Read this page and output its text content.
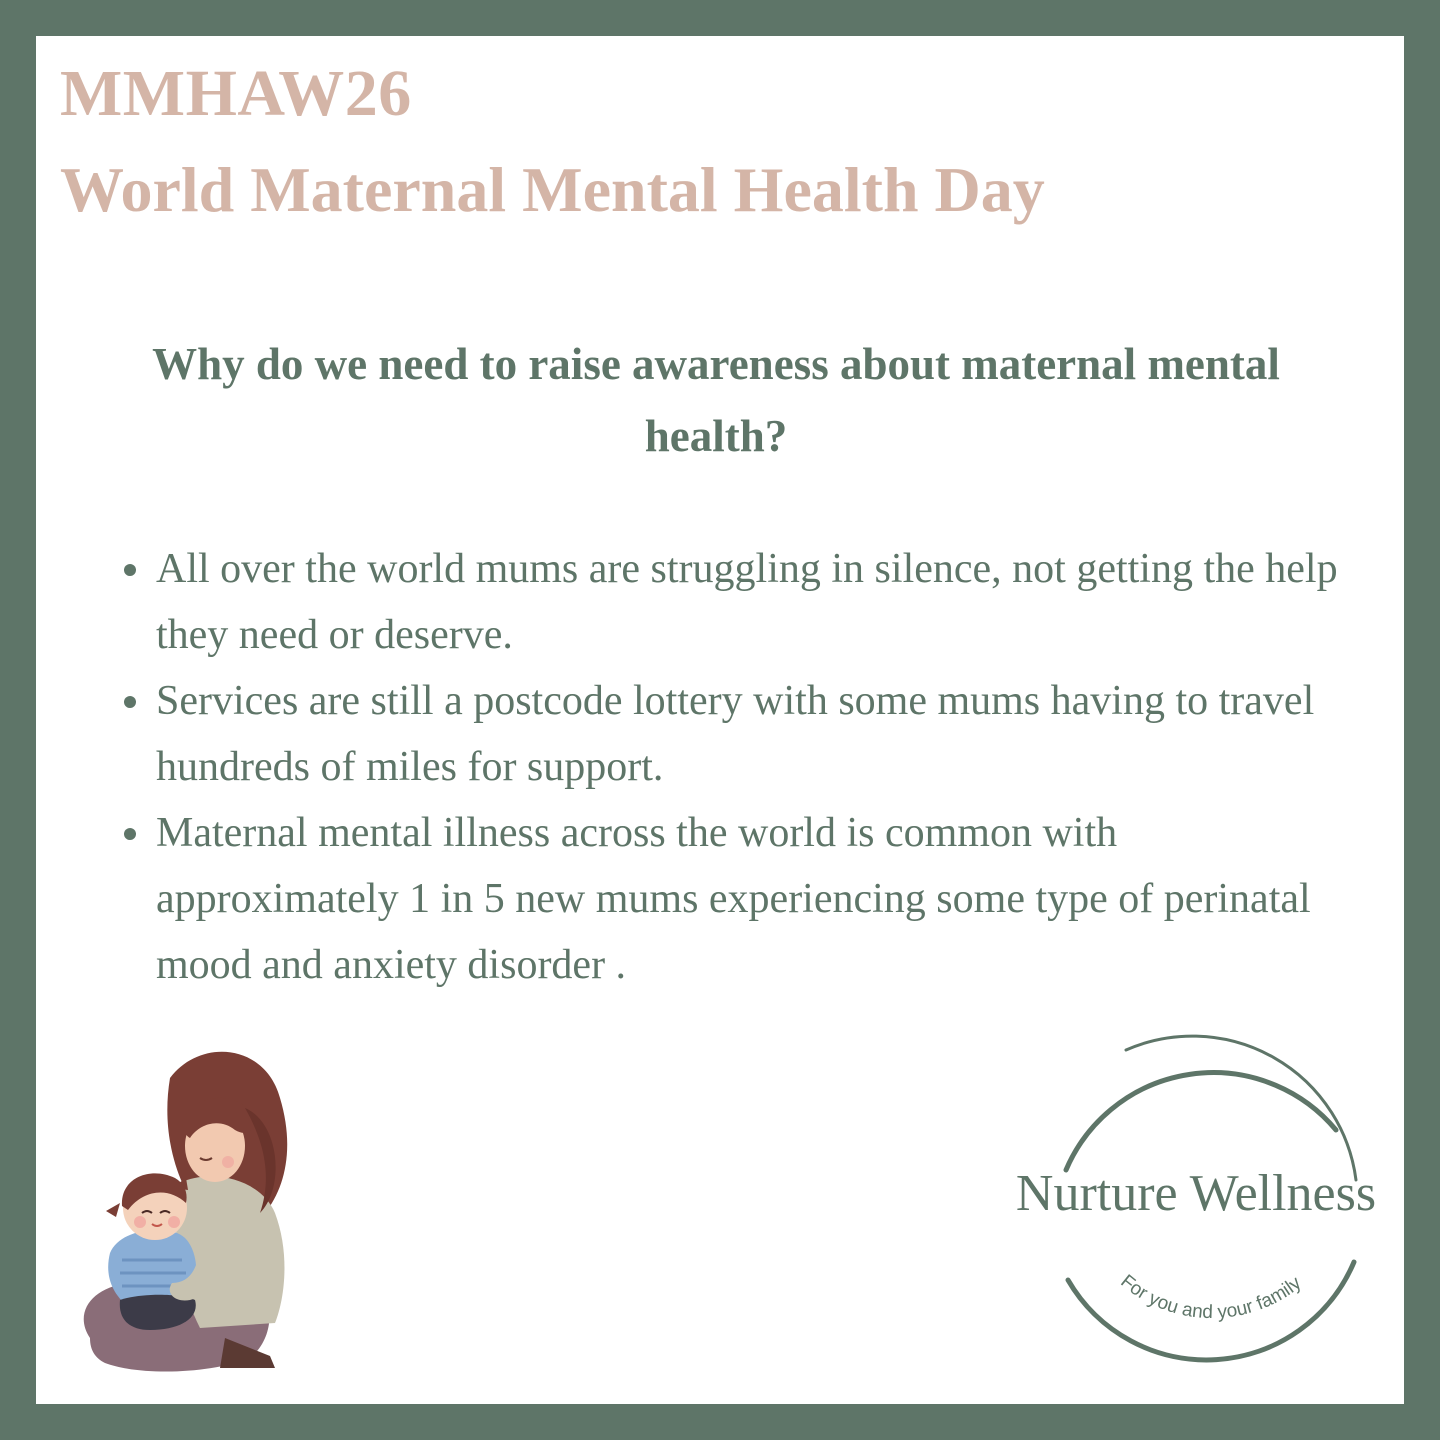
MMHAW26
World Maternal Mental Health Day

Why do we need to raise awareness about maternal mental health?

All over the world mums are struggling in silence, not getting the help they need or deserve.
Services are still a postcode lottery with some mums having to travel hundreds of miles for support.
Maternal mental illness across the world is common with approximately 1 in 5 new mums experiencing some type of perinatal mood and anxiety disorder .
For you and your family

Nurture Wellness
